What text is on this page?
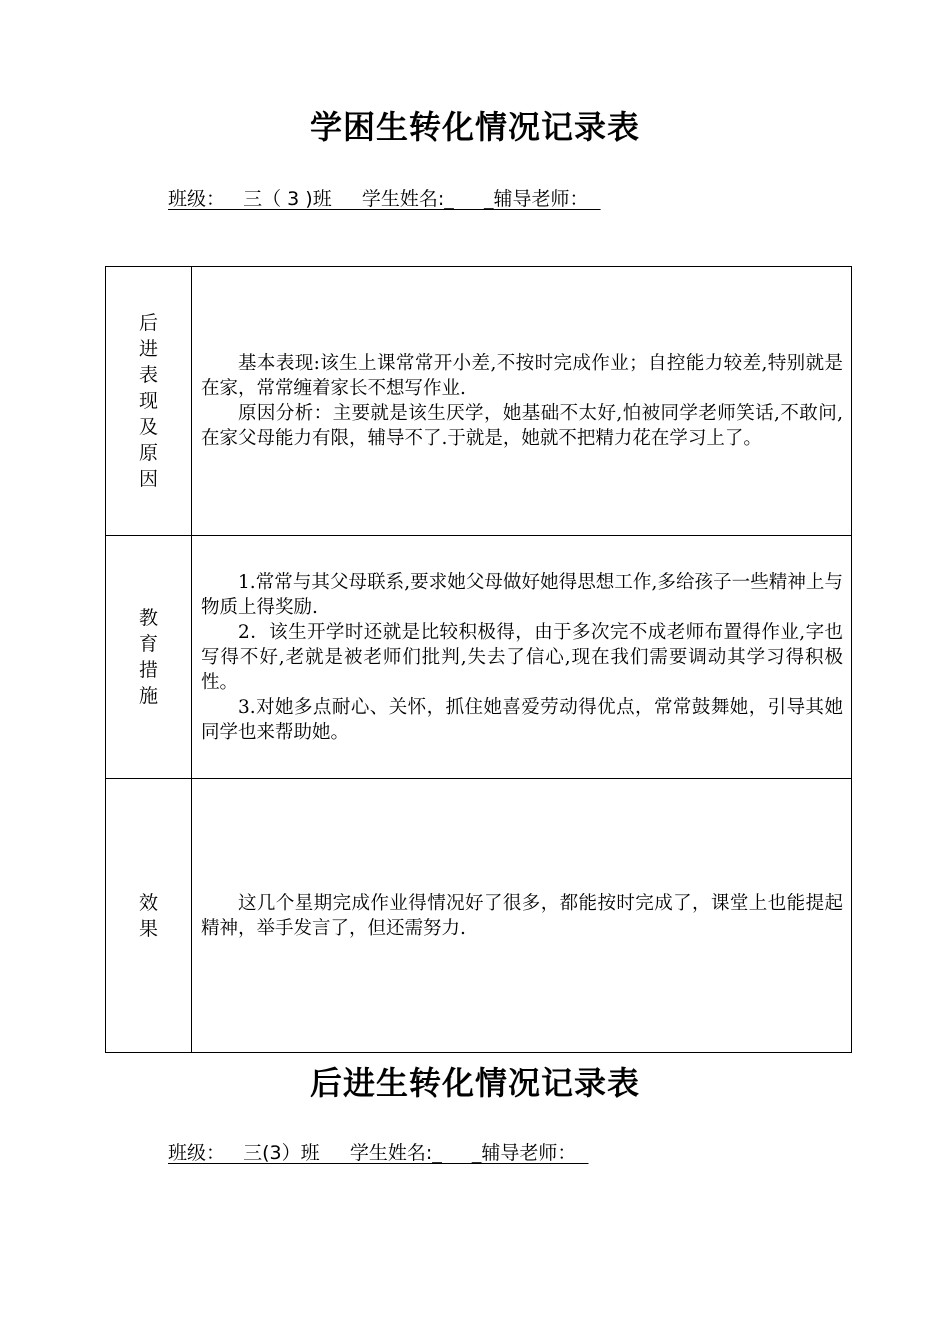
学困生转化情况记录表
班级：   三（ 3 )班     学生姓名:_     _辅导老师：
后进表现及原因	基本表现:该生上课常常开小差,不按时完成作业；自控能力较差,特别就是在家，常常缠着家长不想写作业.

原因分析：主要就是该生厌学，她基础不太好,怕被同学老师笑话,不敢问,在家父母能力有限，辅导不了.于就是，她就不把精力花在学习上了。

教育措施	1.常常与其父母联系,要求她父母做好她得思想工作,多给孩子一些精神上与物质上得奖励.

2．该生开学时还就是比较积极得，由于多次完不成老师布置得作业,字也写得不好,老就是被老师们批判,失去了信心,现在我们需要调动其学习得积极性。

3.对她多点耐心、关怀，抓住她喜爱劳动得优点，常常鼓舞她，引导其她同学也来帮助她。

效果	这几个星期完成作业得情况好了很多，都能按时完成了，课堂上也能提起精神，举手发言了，但还需努力.

后进生转化情况记录表
班级：   三(3）班     学生姓名:_     _辅导老师：
